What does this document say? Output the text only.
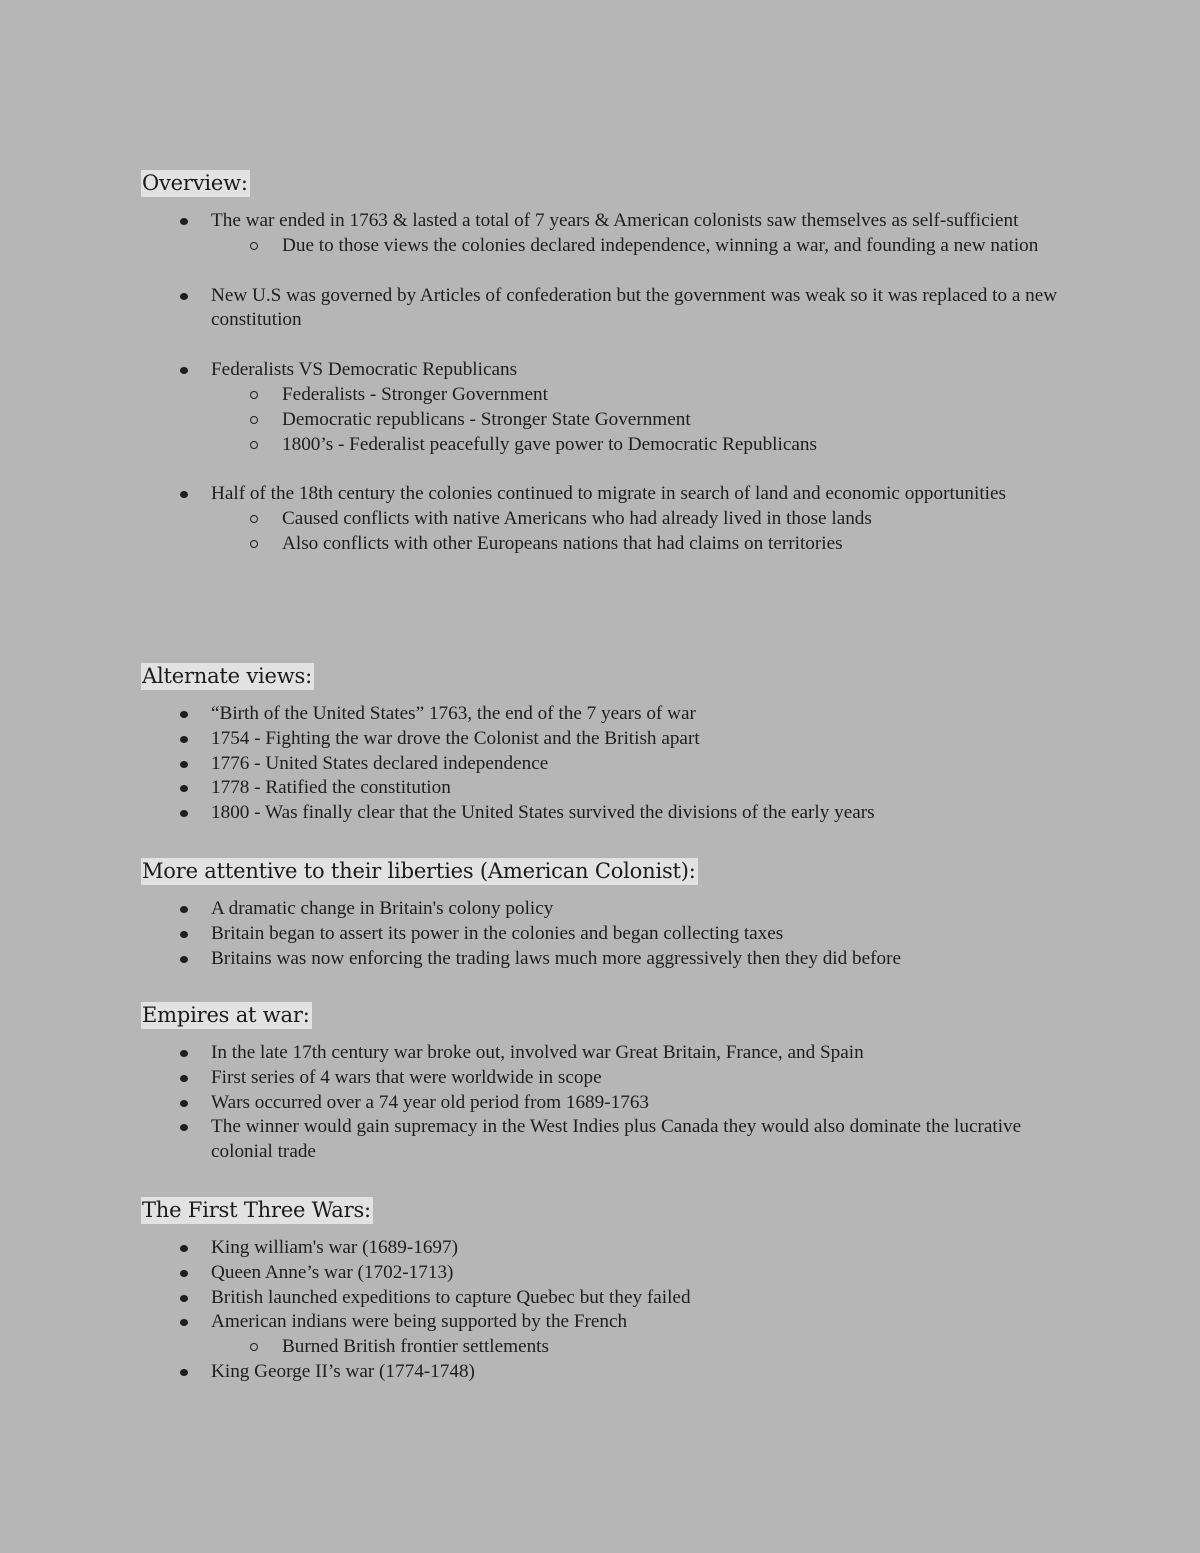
Overview:
The war ended in 1763 & lasted a total of 7 years & American colonists saw themselves as self-sufficient
Due to those views the colonies declared independence, winning a war, and founding a new nation
New U.S was governed by Articles of confederation but the government was weak so it was replaced to a new constitution
Federalists VS Democratic Republicans
Federalists - Stronger Government
Democratic republicans - Stronger State Government
1800’s - Federalist peacefully gave power to Democratic Republicans
Half of the 18th century the colonies continued to migrate in search of land and economic opportunities
Caused conflicts with native Americans who had already lived in those lands
Also conflicts with other Europeans nations that had claims on territories
Alternate views:
“Birth of the United States” 1763, the end of the 7 years of war
1754 - Fighting the war drove the Colonist and the British apart
1776 - United States declared independence
1778 - Ratified the constitution
1800 - Was finally clear that the United States survived the divisions of the early years
More attentive to their liberties (American Colonist):
A dramatic change in Britain's colony policy
Britain began to assert its power in the colonies and began collecting taxes
Britains was now enforcing the trading laws much more aggressively then they did before
Empires at war:
In the late 17th century war broke out, involved war Great Britain, France, and Spain
First series of 4 wars that were worldwide in scope
Wars occurred over a 74 year old period from 1689-1763
The winner would gain supremacy in the West Indies plus Canada they would also dominate the lucrative colonial trade
The First Three Wars:
King william's war (1689-1697)
Queen Anne’s war (1702-1713)
British launched expeditions to capture Quebec but they failed
American indians were being supported by the French
Burned British frontier settlements
King George II’s war (1774-1748)
